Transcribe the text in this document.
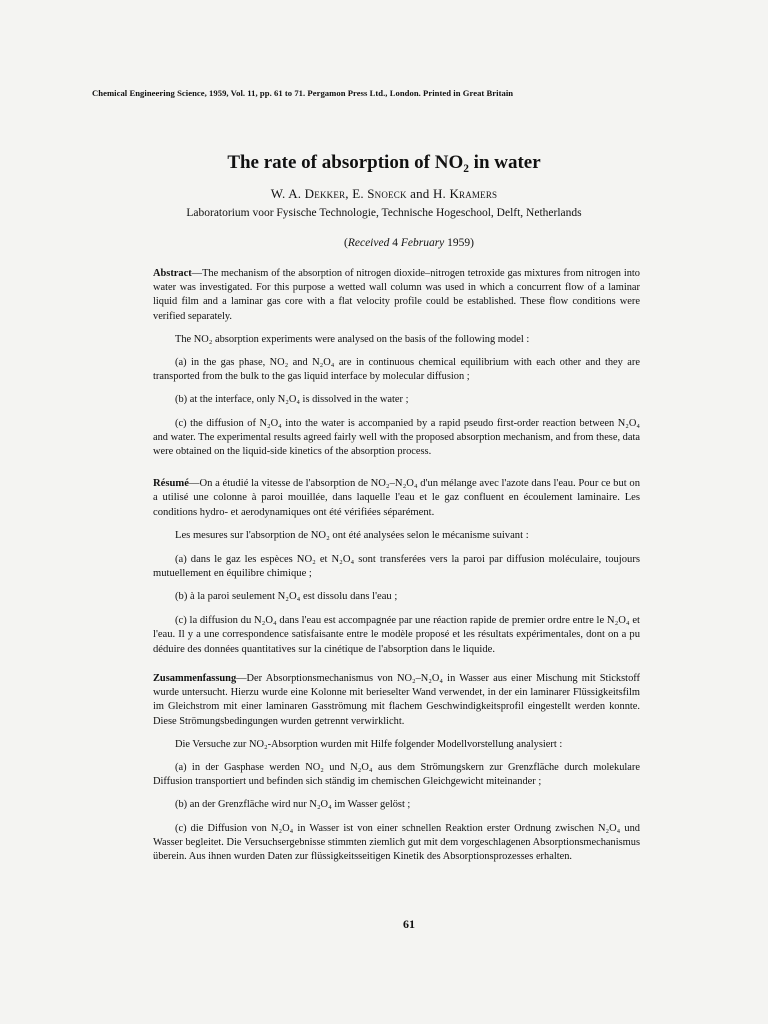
Chemical Engineering Science, 1959, Vol. 11, pp. 61 to 71. Pergamon Press Ltd., London. Printed in Great Britain
The rate of absorption of NO₂ in water
W. A. Dekker, E. Snoeck and H. Kramers
Laboratorium voor Fysische Technologie, Technische Hogeschool, Delft, Netherlands
(Received 4 February 1959)

Abstract—The mechanism of the absorption of nitrogen dioxide–nitrogen tetroxide gas mixtures from nitrogen into water was investigated. For this purpose a wetted wall column was used in which a concurrent flow of a laminar liquid film and a laminar gas core with a flat velocity profile could be established. These flow conditions were verified separately.

The NO₂ absorption experiments were analysed on the basis of the following model :

(a) in the gas phase, NO₂ and N₂O₄ are in continuous chemical equilibrium with each other and they are transported from the bulk to the gas liquid interface by molecular diffusion ;

(b) at the interface, only N₂O₄ is dissolved in the water ;

(c) the diffusion of N₂O₄ into the water is accompanied by a rapid pseudo first-order reaction between N₂O₄ and water. The experimental results agreed fairly well with the proposed absorption mechanism, and from these, data were obtained on the liquid-side kinetics of the absorption process.

Résumé—On a étudié la vitesse de l'absorption de NO₂–N₂O₄ d'un mélange avec l'azote dans l'eau. Pour ce but on a utilisé une colonne à paroi mouillée, dans laquelle l'eau et le gaz confluent en écoulement laminaire. Les conditions hydro- et aerodynamiques ont été vérifiées séparément.

Les mesures sur l'absorption de NO₂ ont été analysées selon le mécanisme suivant :

(a) dans le gaz les espèces NO₂ et N₂O₄ sont transferées vers la paroi par diffusion moléculaire, toujours mutuellement en équilibre chimique ;

(b) à la paroi seulement N₂O₄ est dissolu dans l'eau ;

(c) la diffusion du N₂O₄ dans l'eau est accompagnée par une réaction rapide de premier ordre entre le N₂O₄ et l'eau. Il y a une correspondence satisfaisante entre le modèle proposé et les résultats expérimentales, dont on a pu déduire des données quantitatives sur la cinétique de l'absorption dans le liquide.

Zusammenfassung—Der Absorptionsmechanismus von NO₂–N₂O₄ in Wasser aus einer Mischung mit Stickstoff wurde untersucht. Hierzu wurde eine Kolonne mit berieselter Wand verwendet, in der ein laminarer Flüssigkeitsfilm im Gleichstrom mit einer laminaren Gasströmung mit flachem Geschwindigkeitsprofil eingestellt werden konnte. Diese Strömungsbedingungen wurden getrennt verwirklicht.

Die Versuche zur NO₂-Absorption wurden mit Hilfe folgender Modellvorstellung analysiert :

(a) in der Gasphase werden NO₂ und N₂O₄ aus dem Strömungskern zur Grenzfläche durch molekulare Diffusion transportiert und befinden sich ständig im chemischen Gleichgewicht miteinander ;

(b) an der Grenzfläche wird nur N₂O₄ im Wasser gelöst ;

(c) die Diffusion von N₂O₄ in Wasser ist von einer schnellen Reaktion erster Ordnung zwischen N₂O₄ und Wasser begleitet. Die Versuchsergebnisse stimmten ziemlich gut mit dem vorgeschlagenen Absorptionsmechanismus überein. Aus ihnen wurden Daten zur flüssigkeitsseitigen Kinetik des Absorptionsprozesses erhalten.

61
